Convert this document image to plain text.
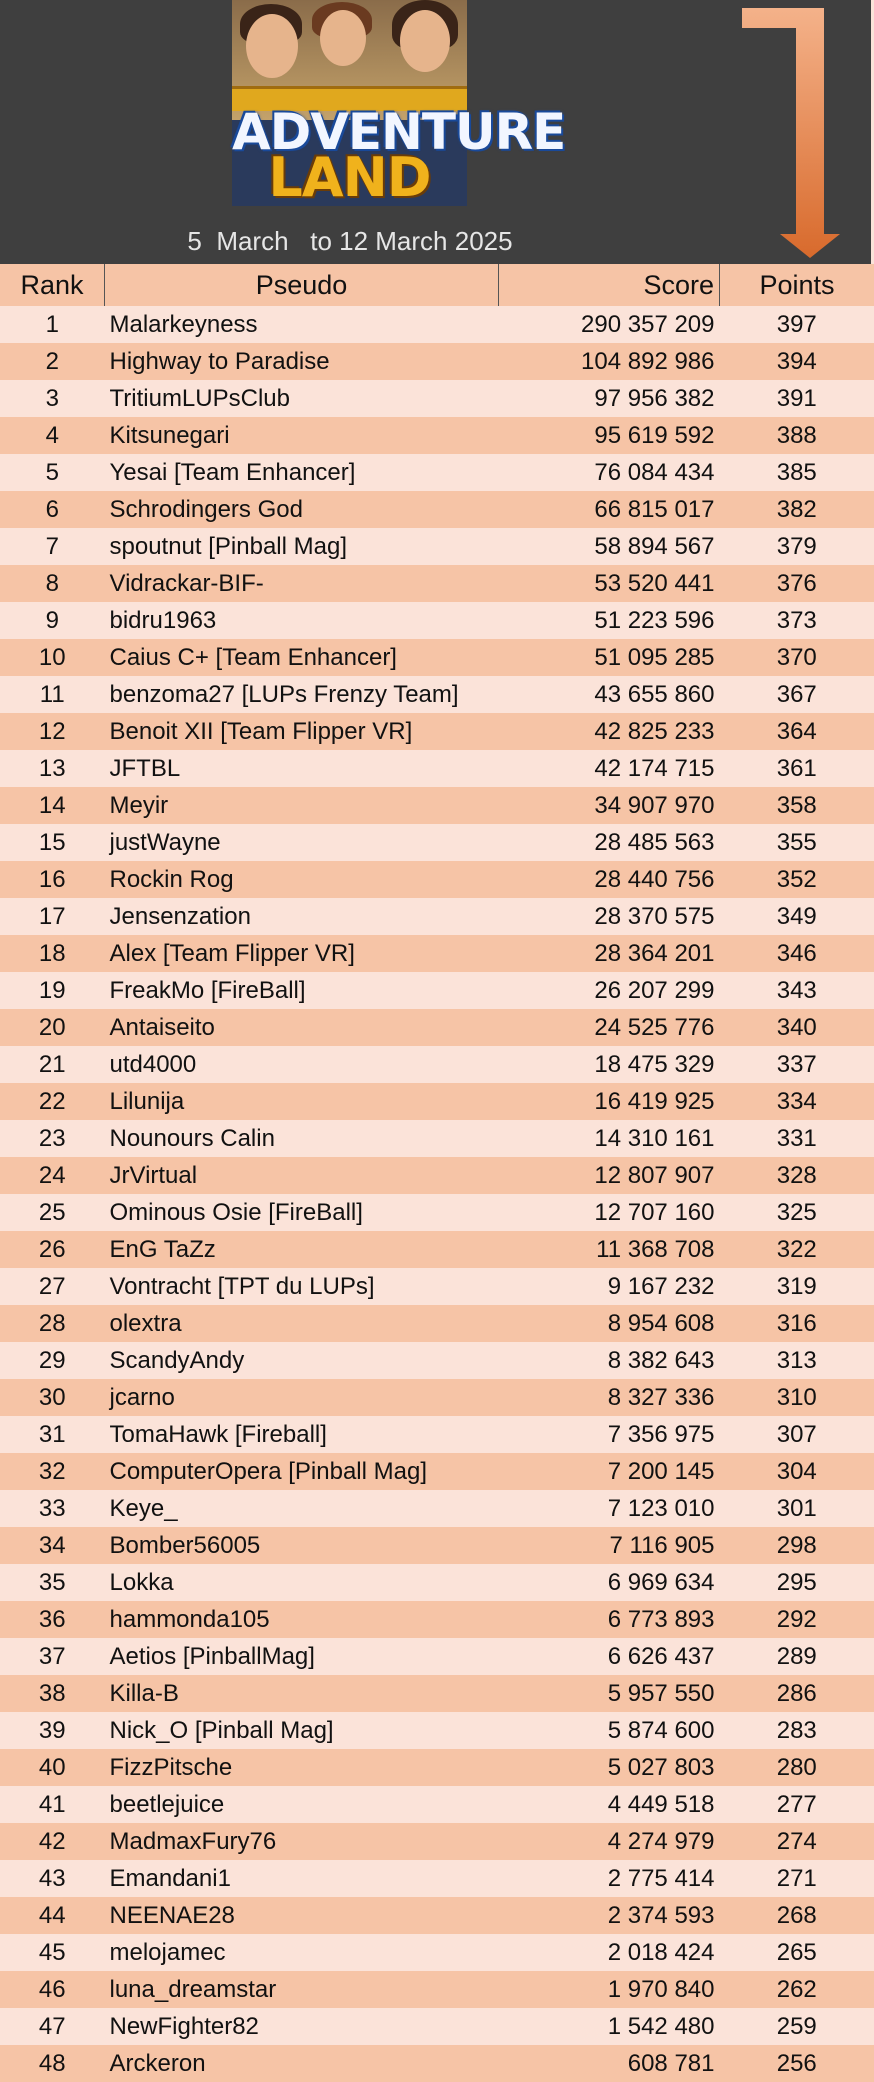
ADVENTURE
LAND
5  March   to 12 March 2025
Rank	Pseudo	Score	Points
1	Malarkeyness	290 357 209	397
2	Highway to Paradise	104 892 986	394
3	TritiumLUPsClub	97 956 382	391
4	Kitsunegari	95 619 592	388
5	Yesai [Team Enhancer]	76 084 434	385
6	Schrodingers God	66 815 017	382
7	spoutnut [Pinball Mag]	58 894 567	379
8	Vidrackar-BIF-	53 520 441	376
9	bidru1963	51 223 596	373
10	Caius C+ [Team Enhancer]	51 095 285	370
11	benzoma27 [LUPs Frenzy Team]	43 655 860	367
12	Benoit XII [Team Flipper VR]	42 825 233	364
13	JFTBL	42 174 715	361
14	Meyir	34 907 970	358
15	justWayne	28 485 563	355
16	Rockin Rog	28 440 756	352
17	Jensenzation	28 370 575	349
18	Alex [Team Flipper VR]	28 364 201	346
19	FreakMo [FireBall]	26 207 299	343
20	Antaiseito	24 525 776	340
21	utd4000	18 475 329	337
22	Lilunija	16 419 925	334
23	Nounours Calin	14 310 161	331
24	JrVirtual	12 807 907	328
25	Ominous Osie [FireBall]	12 707 160	325
26	EnG TaZz	11 368 708	322
27	Vontracht [TPT du LUPs]	9 167 232	319
28	olextra	8 954 608	316
29	ScandyAndy	8 382 643	313
30	jcarno	8 327 336	310
31	TomaHawk [Fireball]	7 356 975	307
32	ComputerOpera [Pinball Mag]	7 200 145	304
33	Keye_	7 123 010	301
34	Bomber56005	7 116 905	298
35	Lokka	6 969 634	295
36	hammonda105	6 773 893	292
37	Aetios [PinballMag]	6 626 437	289
38	Killa-B	5 957 550	286
39	Nick_O [Pinball Mag]	5 874 600	283
40	FizzPitsche	5 027 803	280
41	beetlejuice	4 449 518	277
42	MadmaxFury76	4 274 979	274
43	Emandani1	2 775 414	271
44	NEENAE28	2 374 593	268
45	melojamec	2 018 424	265
46	luna_dreamstar	1 970 840	262
47	NewFighter82	1 542 480	259
48	Arckeron	608 781	256
